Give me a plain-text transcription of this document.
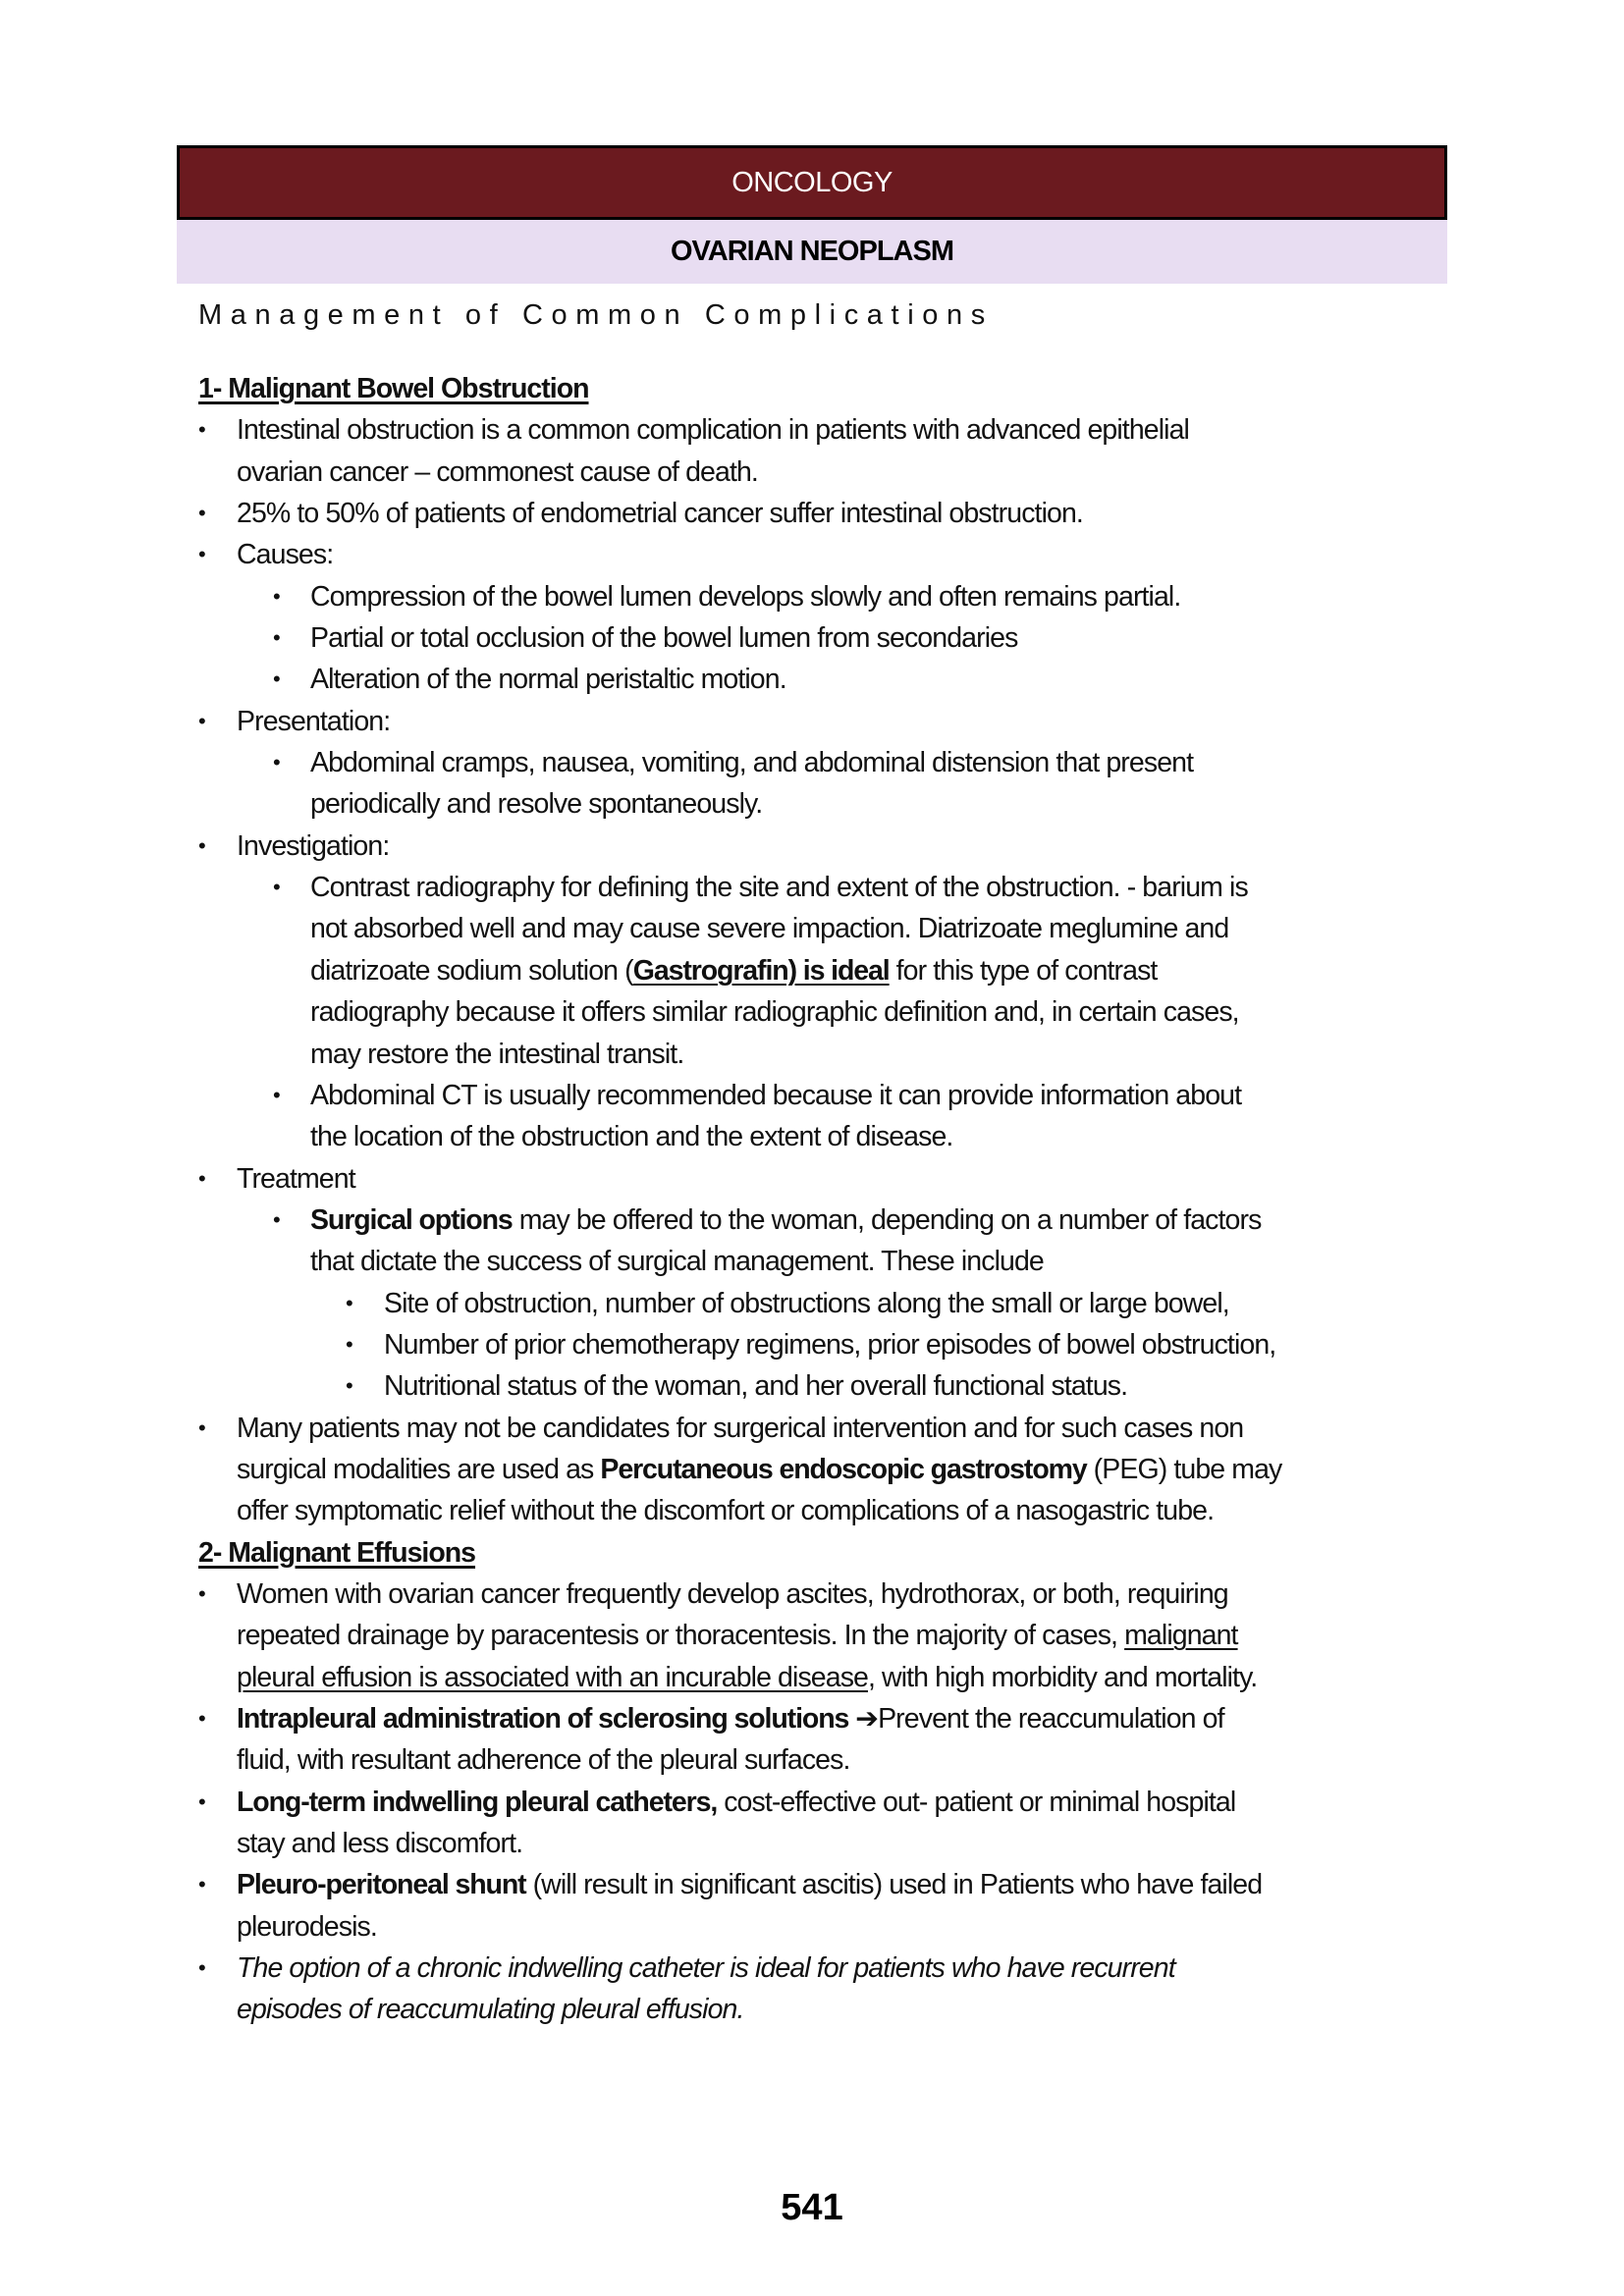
ONCOLOGY
OVARIAN NEOPLASM
Management of Common Complications
1- Malignant Bowel Obstruction
• Intestinal obstruction is a common complication in patients with advanced epithelial
ovarian cancer – commonest cause of death.
• 25% to 50% of patients of endometrial cancer suffer intestinal obstruction.
• Causes:
• Compression of the bowel lumen develops slowly and often remains partial.
• Partial or total occlusion of the bowel lumen from secondaries
• Alteration of the normal peristaltic motion.
• Presentation:
• Abdominal cramps, nausea, vomiting, and abdominal distension that present
periodically and resolve spontaneously.
• Investigation:
• Contrast radiography for defining the site and extent of the obstruction. - barium is
not absorbed well and may cause severe impaction. Diatrizoate meglumine and
diatrizoate sodium solution (Gastrografin) is ideal for this type of contrast
radiography because it offers similar radiographic definition and, in certain cases,
may restore the intestinal transit.
• Abdominal CT is usually recommended because it can provide information about
the location of the obstruction and the extent of disease.
• Treatment
• Surgical options may be offered to the woman, depending on a number of factors
that dictate the success of surgical management. These include
• Site of obstruction, number of obstructions along the small or large bowel,
• Number of prior chemotherapy regimens, prior episodes of bowel obstruction,
• Nutritional status of the woman, and her overall functional status.
• Many patients may not be candidates for surgerical intervention and for such cases non
surgical modalities are used as Percutaneous endoscopic gastrostomy (PEG) tube may
offer symptomatic relief without the discomfort or complications of a nasogastric tube.
2- Malignant Effusions
• Women with ovarian cancer frequently develop ascites, hydrothorax, or both, requiring
repeated drainage by paracentesis or thoracentesis. In the majority of cases, malignant
pleural effusion is associated with an incurable disease, with high morbidity and mortality.
• Intrapleural administration of sclerosing solutions ➔Prevent the reaccumulation of
fluid, with resultant adherence of the pleural surfaces.
• Long-term indwelling pleural catheters, cost-effective out- patient or minimal hospital
stay and less discomfort.
• Pleuro-peritoneal shunt (will result in significant ascitis) used in Patients who have failed
pleurodesis.
• The option of a chronic indwelling catheter is ideal for patients who have recurrent
episodes of reaccumulating pleural effusion.
541
